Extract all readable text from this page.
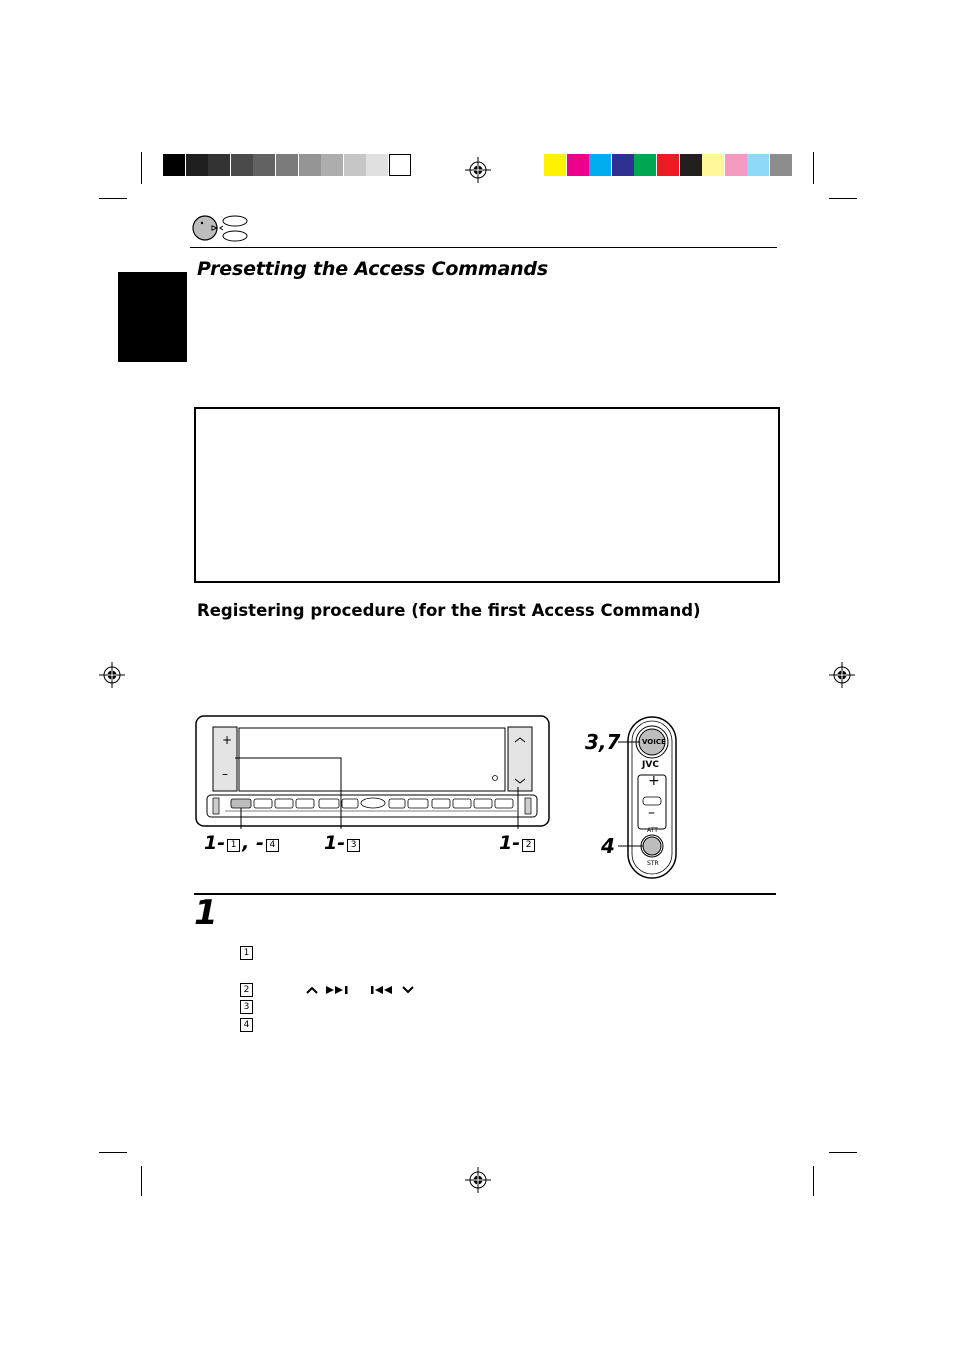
Presetting the Access Commands
Registering procedure (for the first Access Command)
+
–
1- 1 , - 4	1- 3	1- 2
VOICE
JVC
+
–
ATT
STR
3,7
4
1
1
2
3
4
